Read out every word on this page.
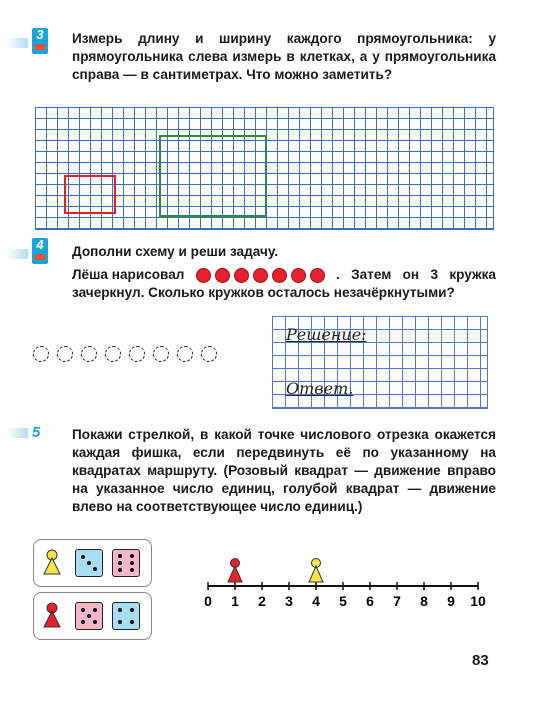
3	Измерь длину и ширину каждого прямоугольника: у прямоугольника слева измерь в клетках, а у прямоугольника справа — в сантиметрах. Что можно заметить?
4	Дополни схему и реши задачу.
Лёша нарисовал	. Затем он 3 кружка зачеркнул. Сколько кружков осталось незачёркнутыми?
Решение:
Ответ.
5 Покажи стрелкой, в какой точке числового отрезка окажется каждая фишка, если передвинуть её по указанному на квадратах маршруту. (Розовый квадрат — движение вправо на указанное число единиц, голубой квадрат — движение влево на соответствующее число единиц.)
0 1 2 3 4 5 6 7 8 9 10
83
